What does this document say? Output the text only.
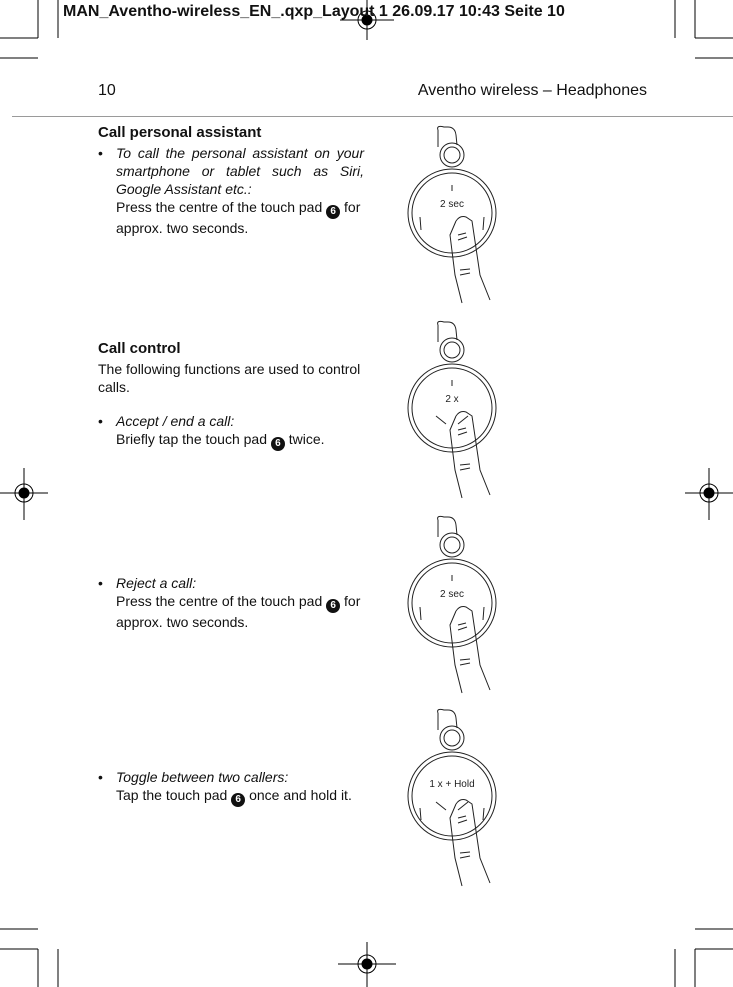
MAN_Aventho-wireless_EN_.qxp_Layout 1 26.09.17 10:43 Seite 10
10	Aventho wireless – Headphones
Call personal assistant
• To call the personal assistant on your
smartphone or tablet such as Siri,
Google Assistant etc.:
Press the centre of the touch pad 6 for
approx. two seconds.
Call control
The following functions are used to control
calls.
• Accept / end a call:
Briefly tap the touch pad 6 twice.
• Reject a call:
Press the centre of the touch pad 6 for
approx. two seconds.
• Toggle between two callers:
Tap the touch pad 6 once and hold it.
2 sec
2 x
2 sec
1 x + Hold
